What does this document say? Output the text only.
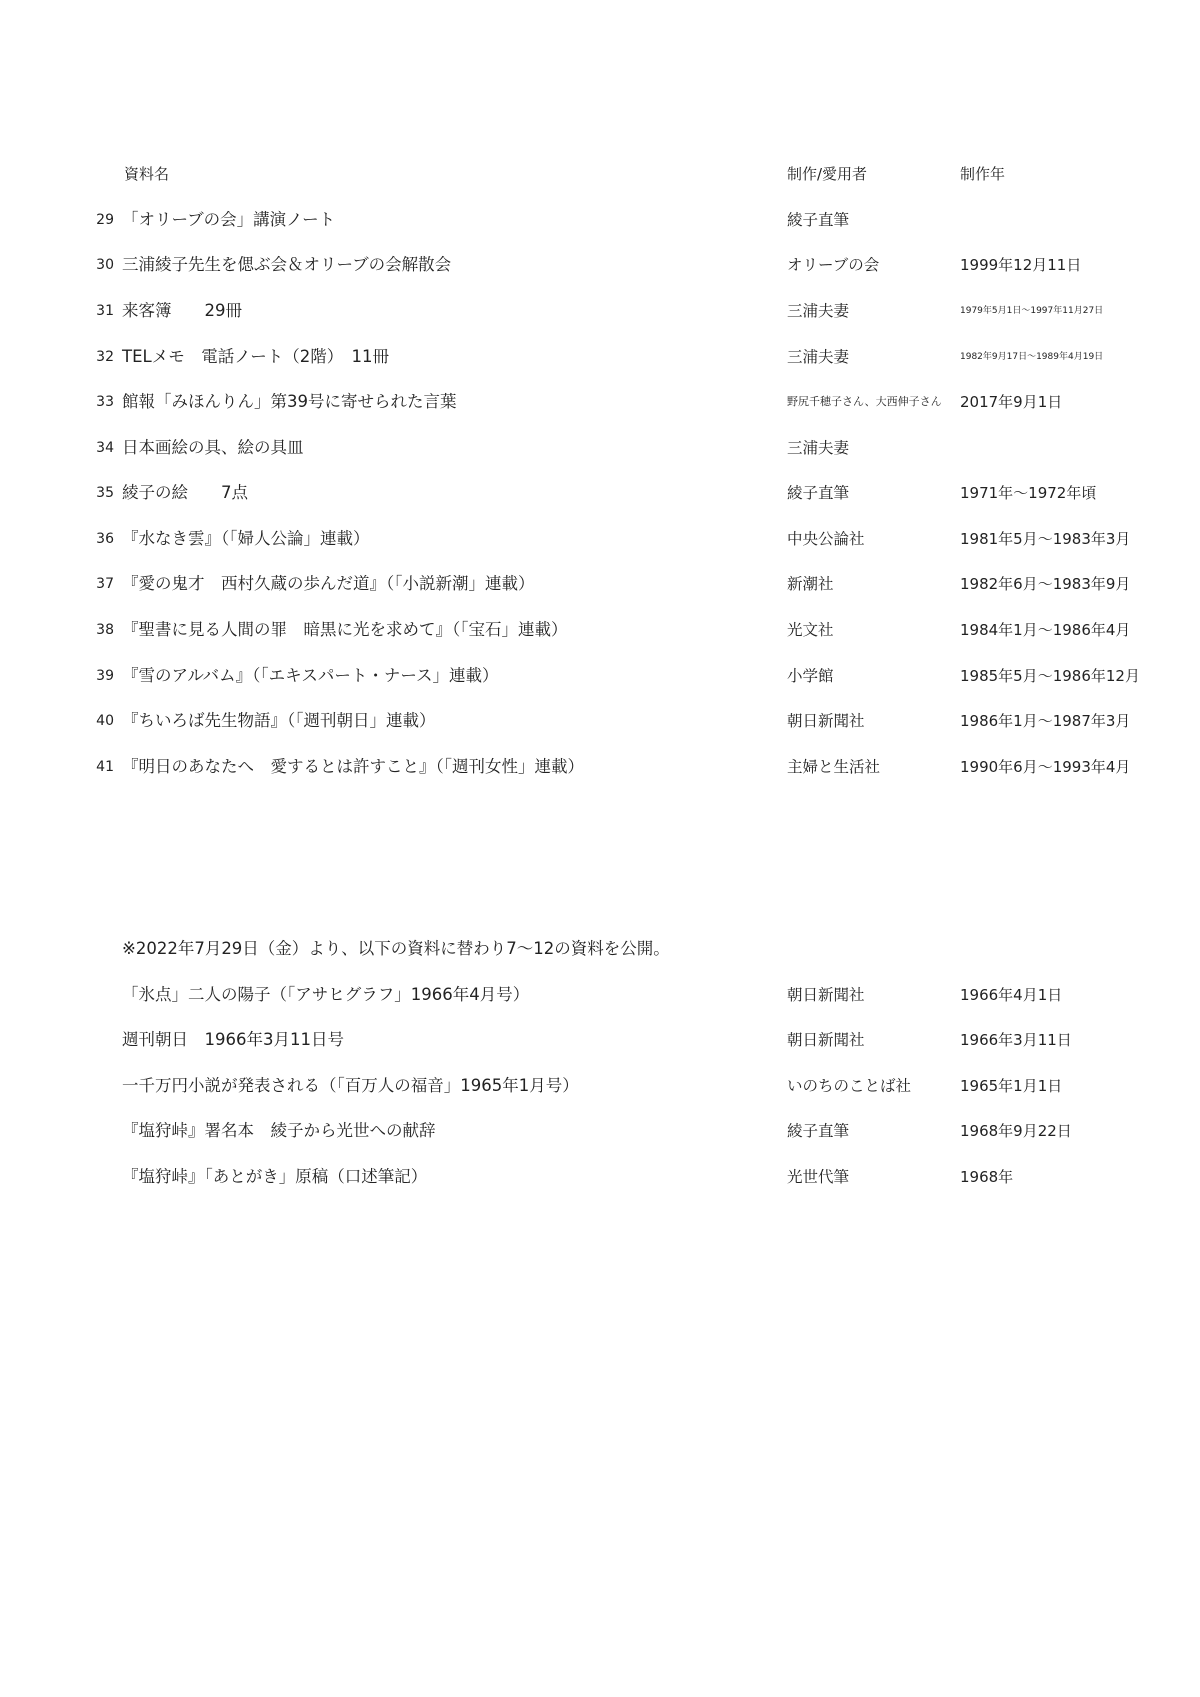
資料名	制作/愛用者	制作年
29 「オリーブの会」講演ノート	綾子直筆
30 三浦綾子先生を偲ぶ会＆オリーブの会解散会	オリーブの会	1999年12月11日
31 来客簿　　29冊	三浦夫妻	1979年5月1日～1997年11月27日
32 TELメモ　電話ノート（2階）　11冊	三浦夫妻	1982年9月17日～1989年4月19日
33 館報「みほんりん」第39号に寄せられた言葉	野尻千穂子さん、大西伸子さん 2017年9月1日
34 日本画絵の具、絵の具皿	三浦夫妻
35 綾子の絵　　7点	綾子直筆	1971年～1972年頃
36 『水なき雲』（「婦人公論」連載）	中央公論社	1981年5月～1983年3月
37 『愛の鬼才　西村久蔵の歩んだ道』（「小説新潮」連載）	新潮社	1982年6月～1983年9月
38 『聖書に見る人間の罪　暗黒に光を求めて』（「宝石」連載）	光文社	1984年1月～1986年4月
39 『雪のアルバム』（「エキスパート・ナース」連載）	小学館	1985年5月～1986年12月
40 『ちいろば先生物語』（「週刊朝日」連載）	朝日新聞社	1986年1月～1987年3月
41 『明日のあなたへ　愛するとは許すこと』（「週刊女性」連載）	主婦と生活社	1990年6月～1993年4月
※2022年7月29日（金）より、以下の資料に替わり7～12の資料を公開。
「氷点」二人の陽子（「アサヒグラフ」1966年4月号）	朝日新聞社	1966年4月1日
週刊朝日　1966年3月11日号	朝日新聞社	1966年3月11日
一千万円小説が発表される（「百万人の福音」1965年1月号）	いのちのことば社	1965年1月1日
『塩狩峠』署名本　綾子から光世への献辞	綾子直筆	1968年9月22日
『塩狩峠』「あとがき」原稿（口述筆記）	光世代筆	1968年
